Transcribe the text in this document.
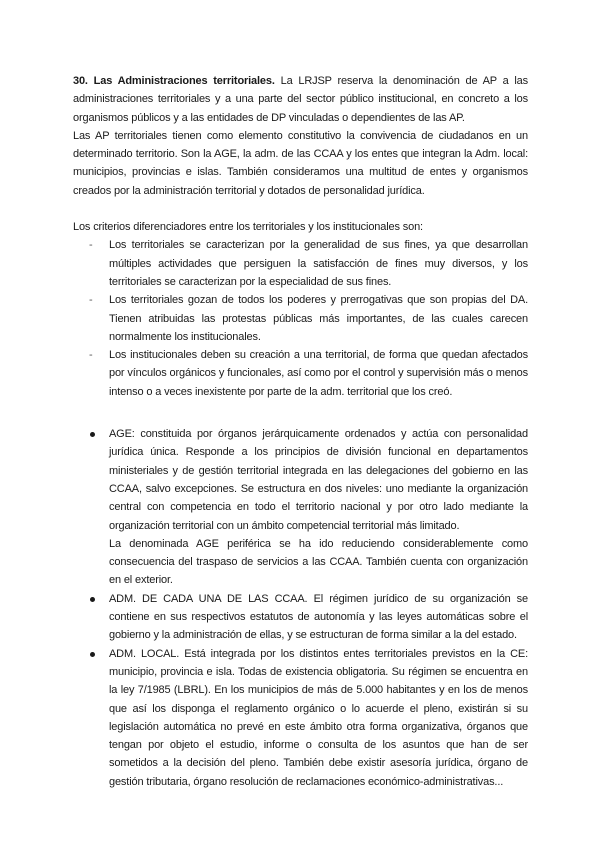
30. Las Administraciones territoriales. La LRJSP reserva la denominación de AP a las administraciones territoriales y a una parte del sector público institucional, en concreto a los organismos públicos y a las entidades de DP vinculadas o dependientes de las AP.

Las AP territoriales tienen como elemento constitutivo la convivencia de ciudadanos en un determinado territorio. Son la AGE, la adm. de las CCAA y los entes que integran la Adm. local: municipios, provincias e islas. También consideramos una multitud de entes y organismos creados por la administración territorial y dotados de personalidad jurídica.

Los criterios diferenciadores entre los territoriales y los institucionales son:

- Los territoriales se caracterizan por la generalidad de sus fines, ya que desarrollan múltiples actividades que persiguen la satisfacción de fines muy diversos, y los territoriales se caracterizan por la especialidad de sus fines.
- Los territoriales gozan de todos los poderes y prerrogativas que son propias del DA. Tienen atribuidas las protestas públicas más importantes, de las cuales carecen normalmente los institucionales.
- Los institucionales deben su creación a una territorial, de forma que quedan afectados por vínculos orgánicos y funcionales, así como por el control y supervisión más o menos intenso o a veces inexistente por parte de la adm. territorial que los creó.
AGE: constituida por órganos jerárquicamente ordenados y actúa con personalidad jurídica única. Responde a los principios de división funcional en departamentos ministeriales y de gestión territorial integrada en las delegaciones del gobierno en las CCAA, salvo excepciones. Se estructura en dos niveles: uno mediante la organización central con competencia en todo el territorio nacional y por otro lado mediante la organización territorial con un ámbito competencial territorial más limitado.
La denominada AGE periférica se ha ido reduciendo considerablemente como consecuencia del traspaso de servicios a las CCAA. También cuenta con organización en el exterior.
ADM. DE CADA UNA DE LAS CCAA. El régimen jurídico de su organización se contiene en sus respectivos estatutos de autonomía y las leyes automáticas sobre el gobierno y la administración de ellas, y se estructuran de forma similar a la del estado.
ADM. LOCAL. Está integrada por los distintos entes territoriales previstos en la CE: municipio, provincia e isla. Todas de existencia obligatoria. Su régimen se encuentra en la ley 7/1985 (LBRL). En los municipios de más de 5.000 habitantes y en los de menos que así los disponga el reglamento orgánico o lo acuerde el pleno, existirán si su legislación automática no prevé en este ámbito otra forma organizativa, órganos que tengan por objeto el estudio, informe o consulta de los asuntos que han de ser sometidos a la decisión del pleno. También debe existir asesoría jurídica, órgano de gestión tributaria, órgano resolución de reclamaciones económico-administrativas...
